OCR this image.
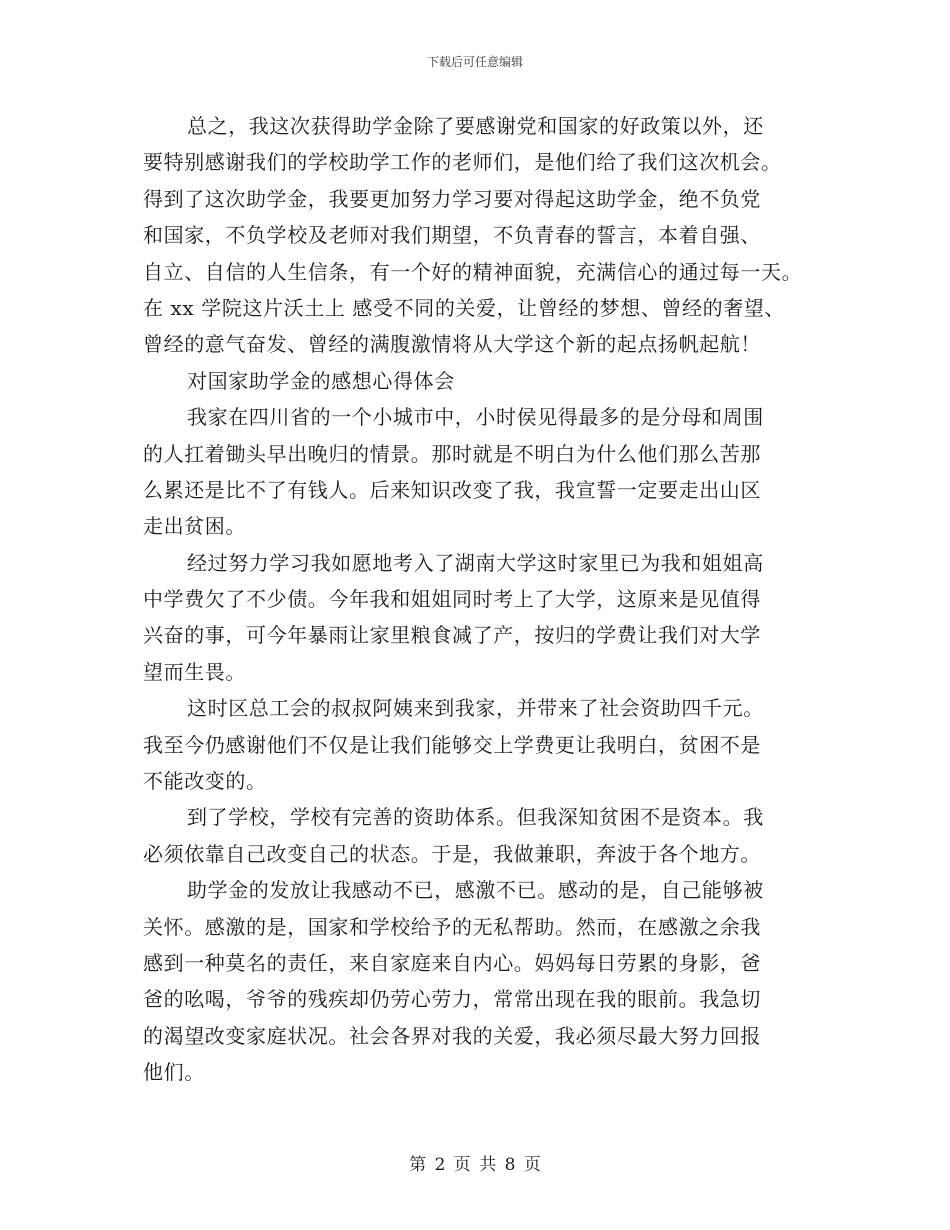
下载后可任意编辑
总之，我这次获得助学金除了要感谢党和国家的好政策以外，还
要特别感谢我们的学校助学工作的老师们，是他们给了我们这次机会。
得到了这次助学金，我要更加努力学习要对得起这助学金，绝不负党
和国家，不负学校及老师对我们期望，不负青春的誓言，本着自强、
自立、自信的人生信条，有一个好的精神面貌，充满信心的通过每一天。
在 xx 学院这片沃土上 感受不同的关爱，让曾经的梦想、曾经的奢望、
曾经的意气奋发、曾经的满腹激情将从大学这个新的起点扬帆起航！
对国家助学金的感想心得体会
我家在四川省的一个小城市中，小时侯见得最多的是分母和周围
的人扛着锄头早出晚归的情景。那时就是不明白为什么他们那么苦那
么累还是比不了有钱人。后来知识改变了我，我宣誓一定要走出山区
走出贫困。
经过努力学习我如愿地考入了湖南大学这时家里已为我和姐姐高
中学费欠了不少债。今年我和姐姐同时考上了大学，这原来是见值得
兴奋的事，可今年暴雨让家里粮食减了产，按归的学费让我们对大学
望而生畏。
这时区总工会的叔叔阿姨来到我家，并带来了社会资助四千元。
我至今仍感谢他们不仅是让我们能够交上学费更让我明白，贫困不是
不能改变的。
到了学校，学校有完善的资助体系。但我深知贫困不是资本。我
必须依靠自己改变自己的状态。于是，我做兼职，奔波于各个地方。
助学金的发放让我感动不已，感激不已。感动的是，自己能够被
关怀。感激的是，国家和学校给予的无私帮助。然而，在感激之余我
感到一种莫名的责任，来自家庭来自内心。妈妈每日劳累的身影，爸
爸的吆喝，爷爷的残疾却仍劳心劳力，常常出现在我的眼前。我急切
的渴望改变家庭状况。社会各界对我的关爱，我必须尽最大努力回报
他们。
第 2 页 共 8 页
